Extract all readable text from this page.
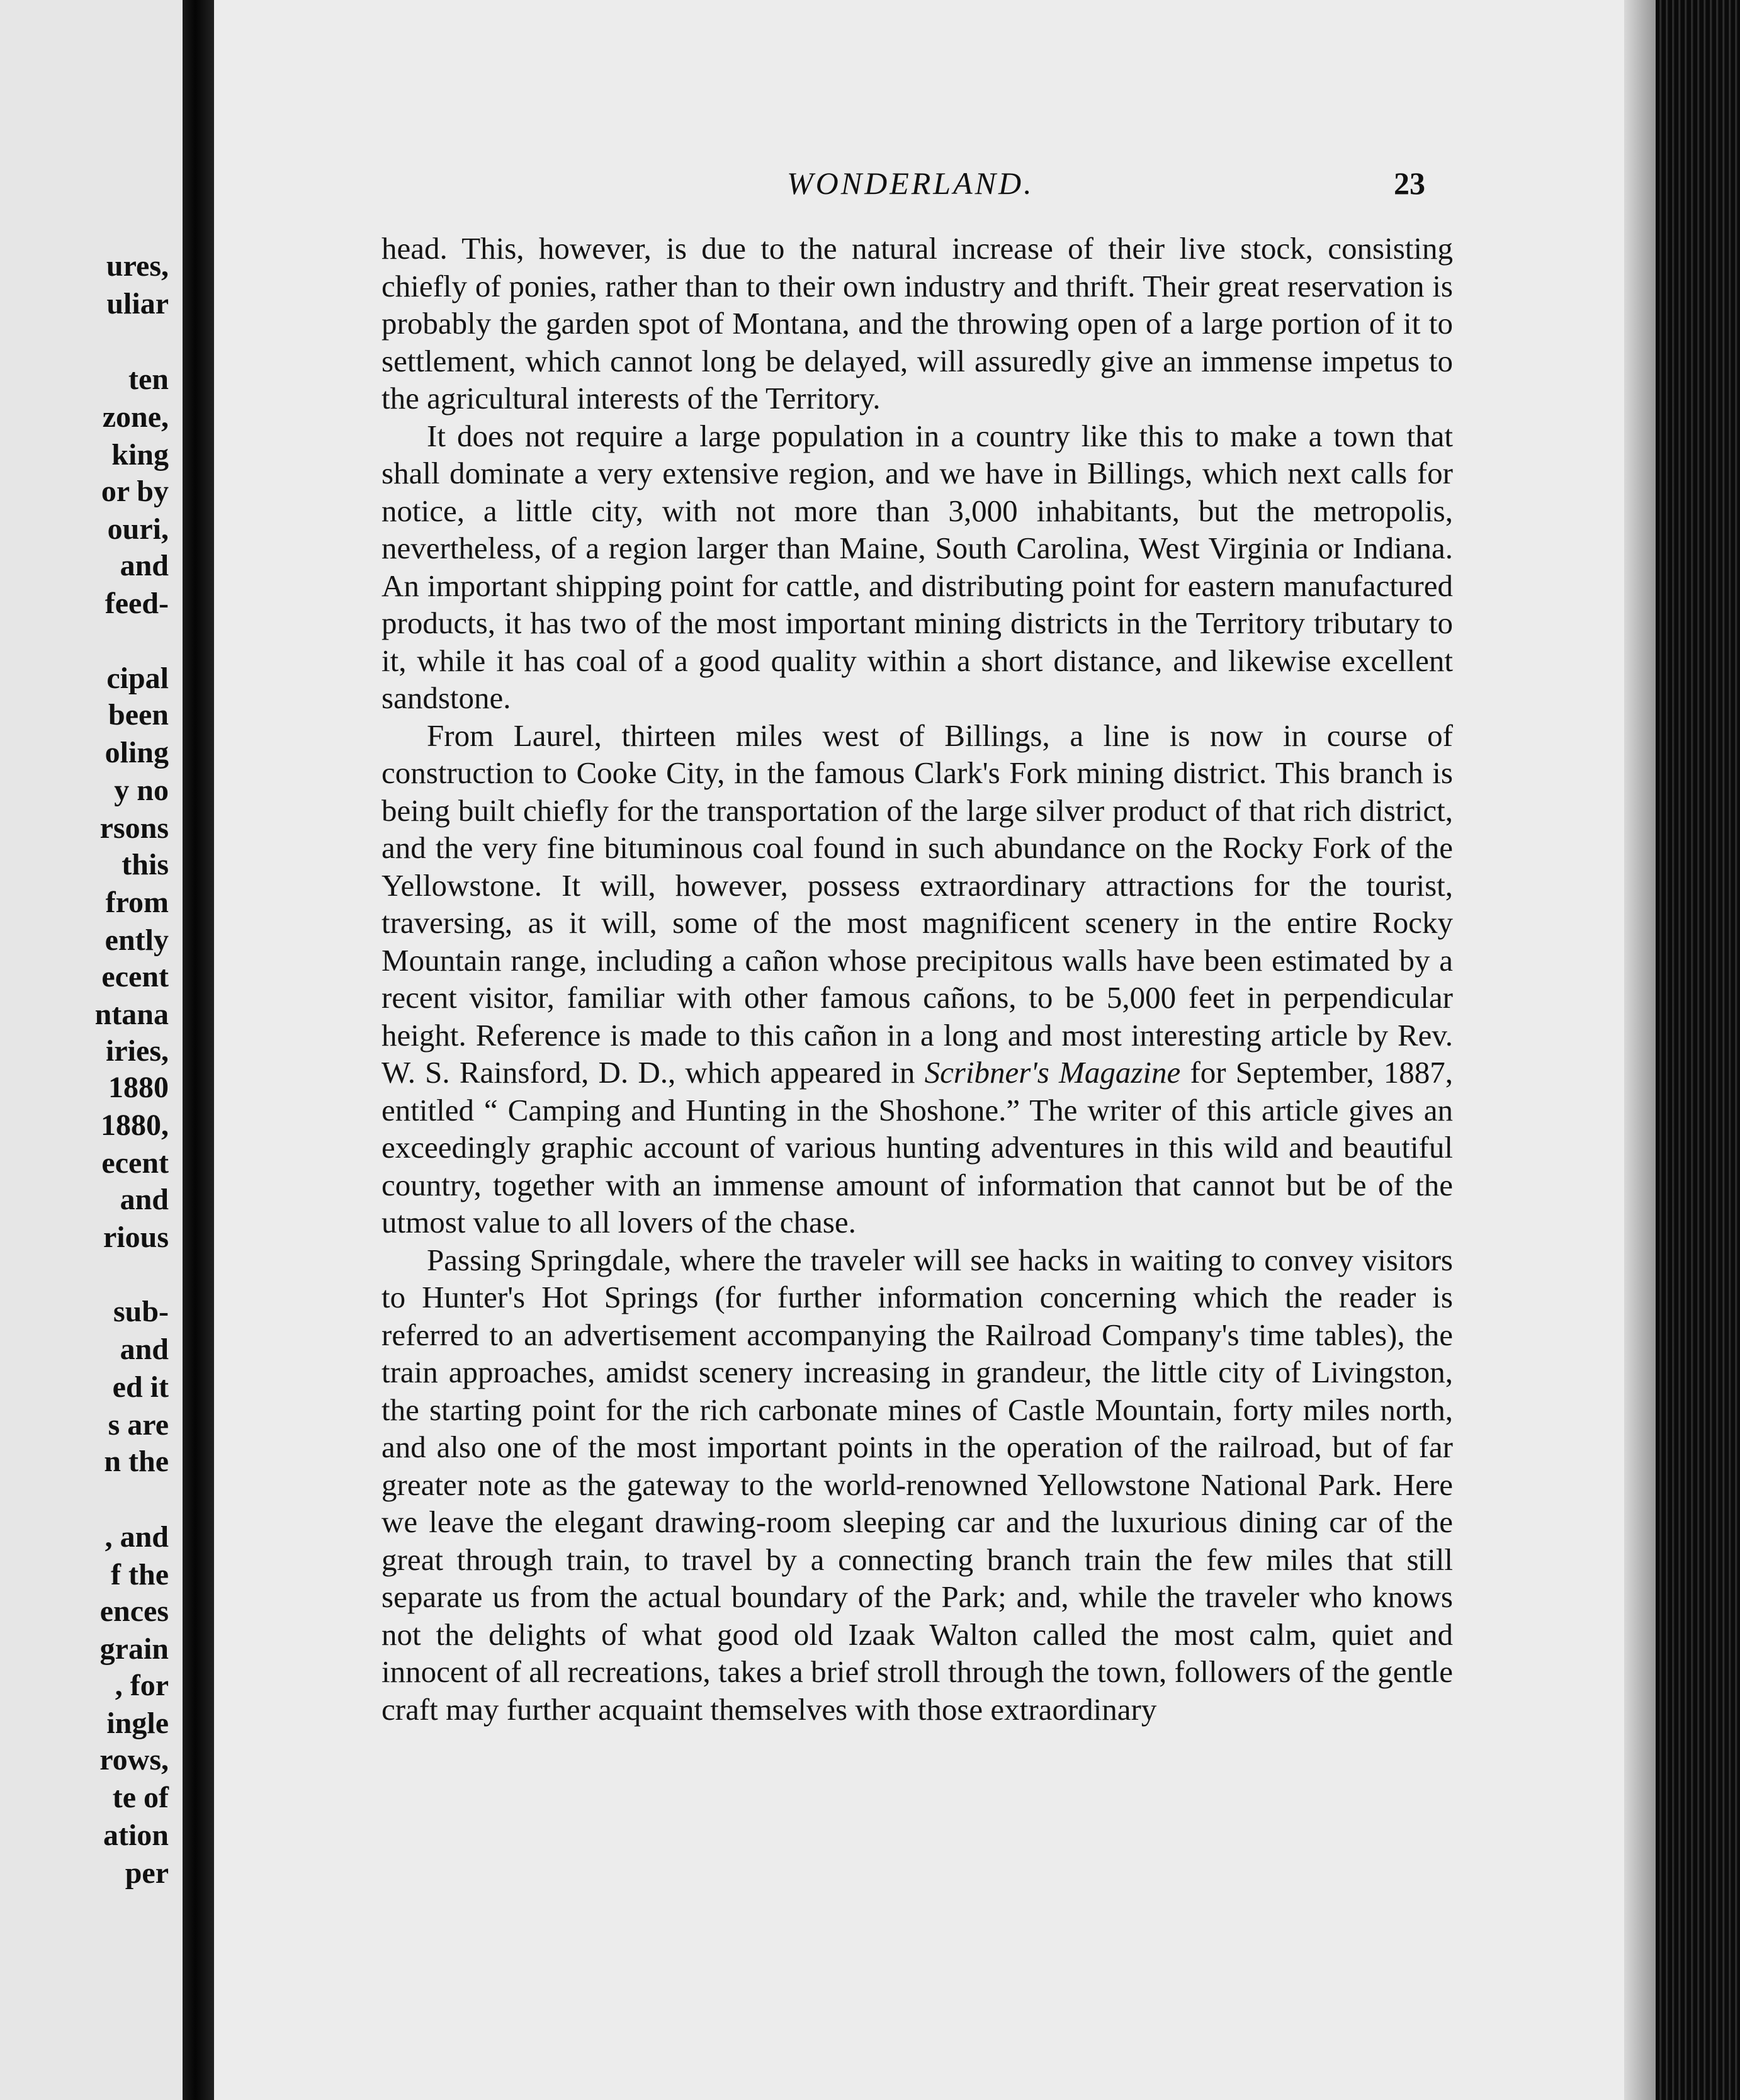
ures,
uliar
ten
zone,
king
or by
ouri,
and
feed-
cipal
been
oling
y no
rsons
this
from
ently
ecent
ntana
iries,
1880
1880,
ecent
and
rious
sub-
and
ed it
s are
n the
, and
f the
ences
grain
, for
ingle
rows,
te of
ation
per
WONDERLAND.	23

head. This, however, is due to the natural increase of their live stock, consisting chiefly of ponies, rather than to their own industry and thrift. Their great reservation is probably the garden spot of Montana, and the throwing open of a large portion of it to settlement, which cannot long be delayed, will assuredly give an immense impetus to the agricultural interests of the Territory.

It does not require a large population in a country like this to make a town that shall dominate a very extensive region, and we have in Billings, which next calls for notice, a little city, with not more than 3,000 inhabitants, but the metropolis, nevertheless, of a region larger than Maine, South Carolina, West Virginia or Indiana. An important shipping point for cattle, and distributing point for eastern manufactured products, it has two of the most important mining districts in the Territory tributary to it, while it has coal of a good quality within a short distance, and likewise excellent sandstone.

From Laurel, thirteen miles west of Billings, a line is now in course of construction to Cooke City, in the famous Clark's Fork mining district. This branch is being built chiefly for the transportation of the large silver product of that rich district, and the very fine bituminous coal found in such abundance on the Rocky Fork of the Yellowstone. It will, however, possess extraordinary attractions for the tourist, traversing, as it will, some of the most magnificent scenery in the entire Rocky Mountain range, including a cañon whose precipitous walls have been estimated by a recent visitor, familiar with other famous cañons, to be 5,000 feet in perpendicular height. Reference is made to this cañon in a long and most interesting article by Rev. W. S. Rainsford, D. D., which appeared in Scribner's Magazine for September, 1887, entitled “ Camping and Hunting in the Shoshone.” The writer of this article gives an exceedingly graphic account of various hunting adventures in this wild and beautiful country, together with an immense amount of information that cannot but be of the utmost value to all lovers of the chase.

Passing Springdale, where the traveler will see hacks in waiting to convey visitors to Hunter's Hot Springs (for further information concerning which the reader is referred to an advertisement accompanying the Railroad Company's time tables), the train approaches, amidst scenery increasing in grandeur, the little city of Livingston, the starting point for the rich carbonate mines of Castle Mountain, forty miles north, and also one of the most important points in the operation of the railroad, but of far greater note as the gateway to the world-renowned Yellowstone National Park. Here we leave the elegant drawing-room sleeping car and the luxurious dining car of the great through train, to travel by a connecting branch train the few miles that still separate us from the actual boundary of the Park; and, while the traveler who knows not the delights of what good old Izaak Walton called the most calm, quiet and innocent of all recreations, takes a brief stroll through the town, followers of the gentle craft may further acquaint themselves with those extraordinary
